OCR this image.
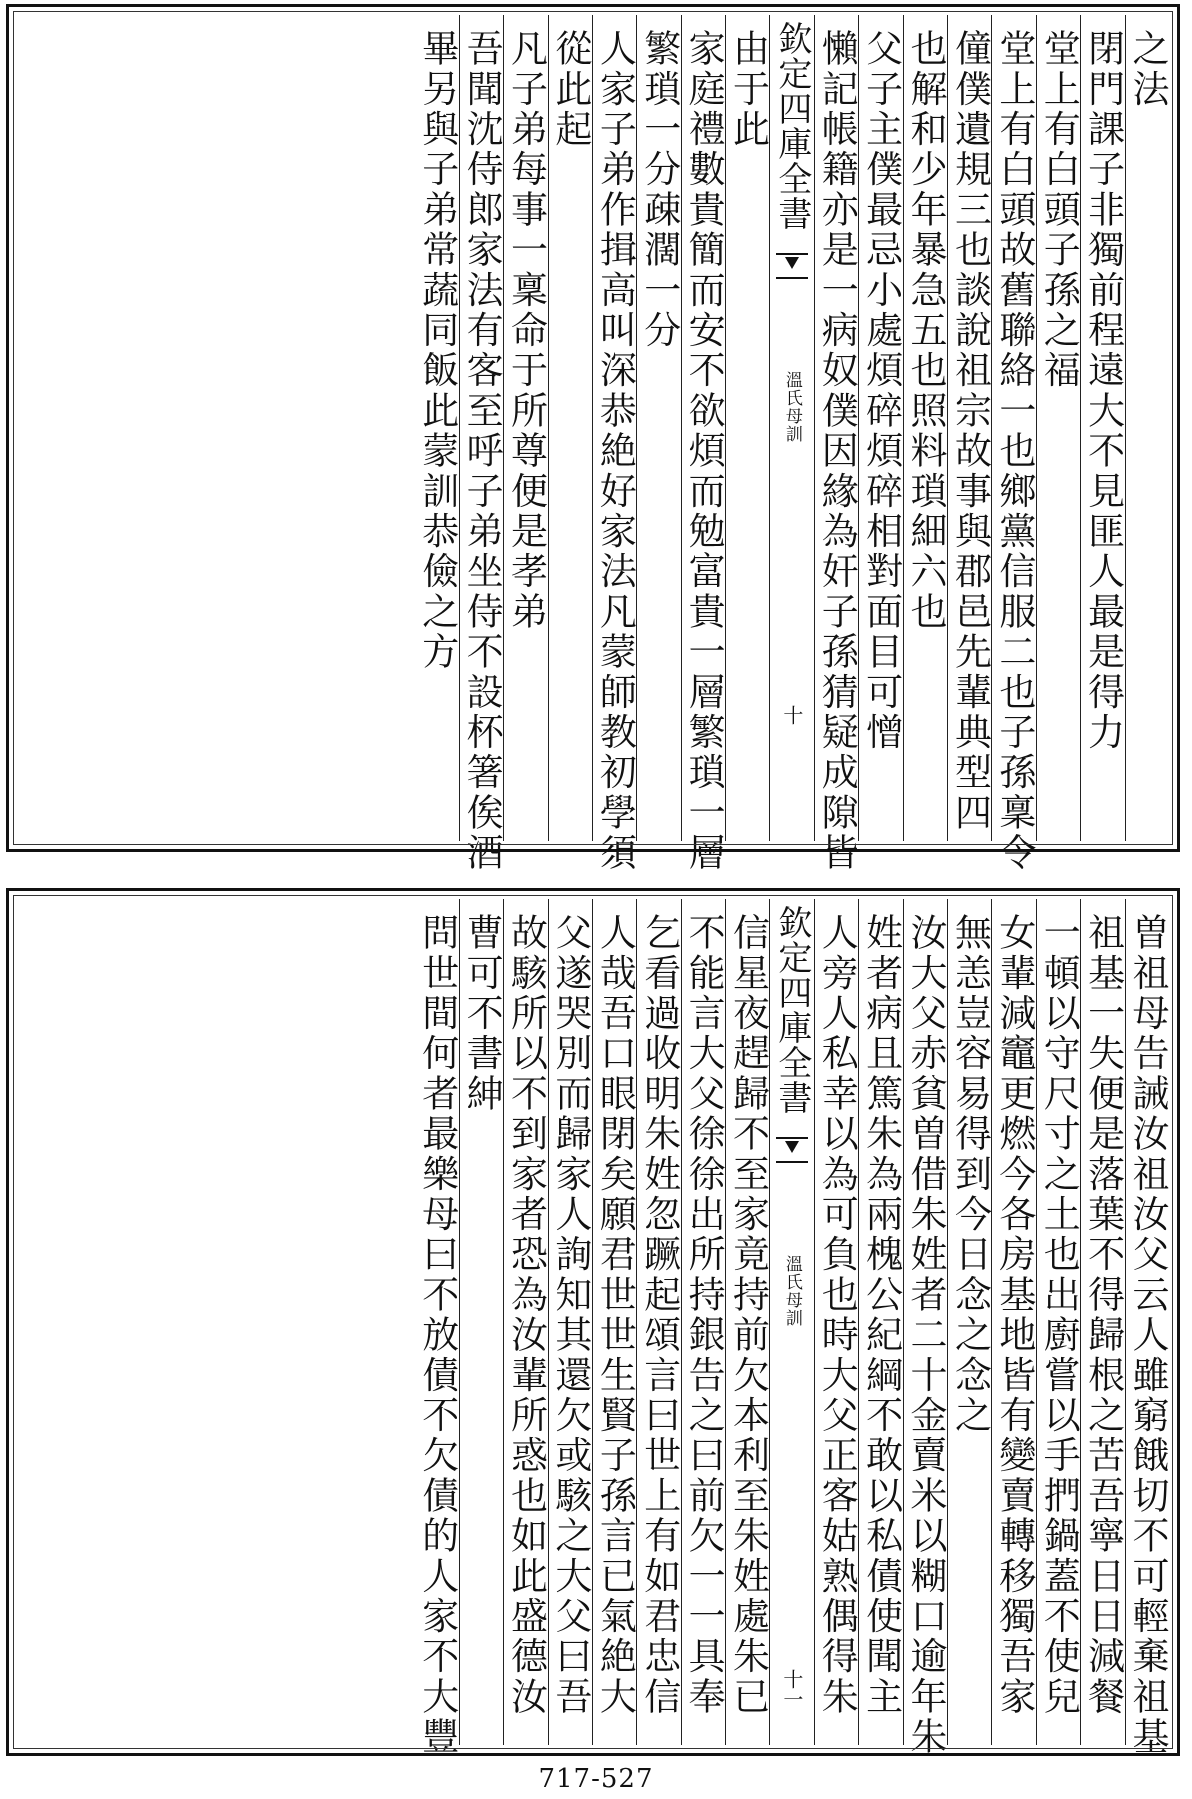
之法
閉門課子非獨前程遠大不見匪人最是得力
堂上有白頭子孫之福
堂上有白頭故舊聯絡一也鄉黨信服二也子孫稟令
僮僕遺規三也談說祖宗故事與郡邑先輩典型四
也解和少年暴急五也照料瑣細六也
父子主僕最忌小處煩碎煩碎相對面目可憎
懶記帳籍亦是一病奴僕因緣為奸子孫猜疑成隙皆
欽定四庫全書
溫氏母訓
十
由于此
家庭禮數貴簡而安不欲煩而勉富貴一層繁瑣一層
繁瑣一分疎濶一分
人家子弟作揖高叫深恭絶好家法凡蒙師教初學須
從此起
凡子弟每事一稟命于所尊便是孝弟
吾聞沈侍郎家法有客至呼子弟坐侍不設杯箸俟酒
畢另與子弟常蔬同飯此蒙訓恭儉之方
曽祖母告誡汝祖汝父云人雖窮餓切不可輕棄祖基
祖基一失便是落葉不得歸根之苦吾寧日日減餐
一頓以守尺寸之土也出廚嘗以手捫鍋蓋不使兒
女輩減竈更燃今各房基地皆有變賣轉移獨吾家
無恙豈容易得到今日念之念之
汝大父赤貧曽借朱姓者二十金賣米以糊口逾年朱
姓者病且篤朱為兩槐公紀綱不敢以私債使聞主
人旁人私幸以為可負也時大父正客姑熟偶得朱
欽定四庫全書
溫氏母訓
十一
信星夜趕歸不至家竟持前欠本利至朱姓處朱已
不能言大父徐徐出所持銀告之曰前欠一一具奉
乞看過收明朱姓忽蹶起頌言曰世上有如君忠信
人哉吾口眼閉矣願君世世生賢子孫言已氣絶大
父遂哭別而歸家人詢知其還欠或駭之大父曰吾
故駭所以不到家者恐為汝輩所惑也如此盛德汝
曹可不書紳
問世間何者最樂母曰不放債不欠債的人家不大豐
717-527
